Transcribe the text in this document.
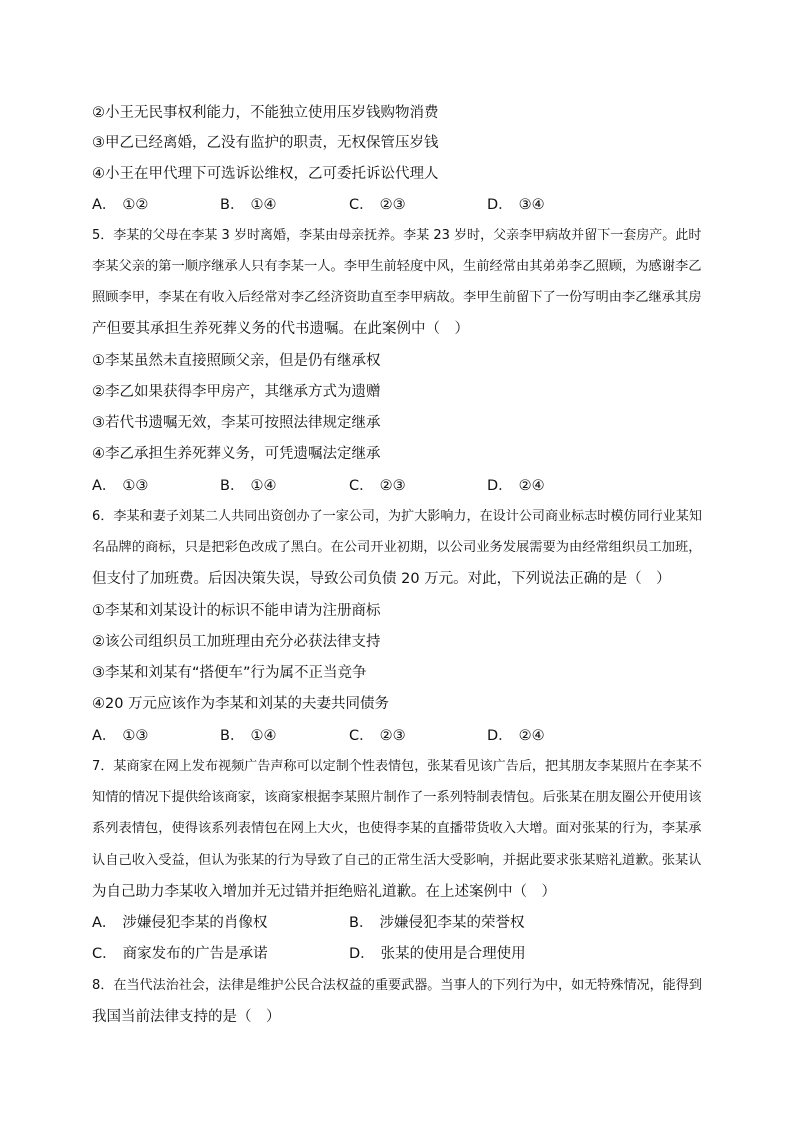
②小王无民事权利能力，不能独立使用压岁钱购物消费
③甲乙已经离婚，乙没有监护的职责，无权保管压岁钱
④小王在甲代理下可选诉讼维权，乙可委托诉讼代理人
A． ①②	B． ①④	C． ②③	D． ③④
5．李某的父母在李某 3 岁时离婚，李某由母亲抚养。李某 23 岁时，父亲李甲病故并留下一套房产。此时
李某父亲的第一顺序继承人只有李某一人。李甲生前轻度中风，生前经常由其弟弟李乙照顾，为感谢李乙
照顾李甲，李某在有收入后经常对李乙经济资助直至李甲病故。李甲生前留下了一份写明由李乙继承其房
产但要其承担生养死葬义务的代书遗嘱。在此案例中（　）
①李某虽然未直接照顾父亲，但是仍有继承权
②李乙如果获得李甲房产，其继承方式为遗赠
③若代书遗嘱无效，李某可按照法律规定继承
④李乙承担生养死葬义务，可凭遗嘱法定继承
A． ①③	B． ①④	C． ②③	D． ②④
6．李某和妻子刘某二人共同出资创办了一家公司，为扩大影响力，在设计公司商业标志时模仿同行业某知
名品牌的商标，只是把彩色改成了黑白。在公司开业初期，以公司业务发展需要为由经常组织员工加班，
但支付了加班费。后因决策失误，导致公司负债 20 万元。对此，下列说法正确的是（　）
①李某和刘某设计的标识不能申请为注册商标
②该公司组织员工加班理由充分必获法律支持
③李某和刘某有“搭便车”行为属不正当竞争
④20 万元应该作为李某和刘某的夫妻共同债务
A． ①③	B． ①④	C． ②③	D． ②④
7．某商家在网上发布视频广告声称可以定制个性表情包，张某看见该广告后，把其朋友李某照片在李某不
知情的情况下提供给该商家，该商家根据李某照片制作了一系列特制表情包。后张某在朋友圈公开使用该
系列表情包，使得该系列表情包在网上大火，也使得李某的直播带货收入大增。面对张某的行为，李某承
认自己收入受益，但认为张某的行为导致了自己的正常生活大受影响，并据此要求张某赔礼道歉。张某认
为自己助力李某收入增加并无过错并拒绝赔礼道歉。在上述案例中（　）
A． 涉嫌侵犯李某的肖像权	B． 涉嫌侵犯李某的荣誉权
C． 商家发布的广告是承诺	D． 张某的使用是合理使用
8．在当代法治社会，法律是维护公民合法权益的重要武器。当事人的下列行为中，如无特殊情况，能得到
我国当前法律支持的是（　）
